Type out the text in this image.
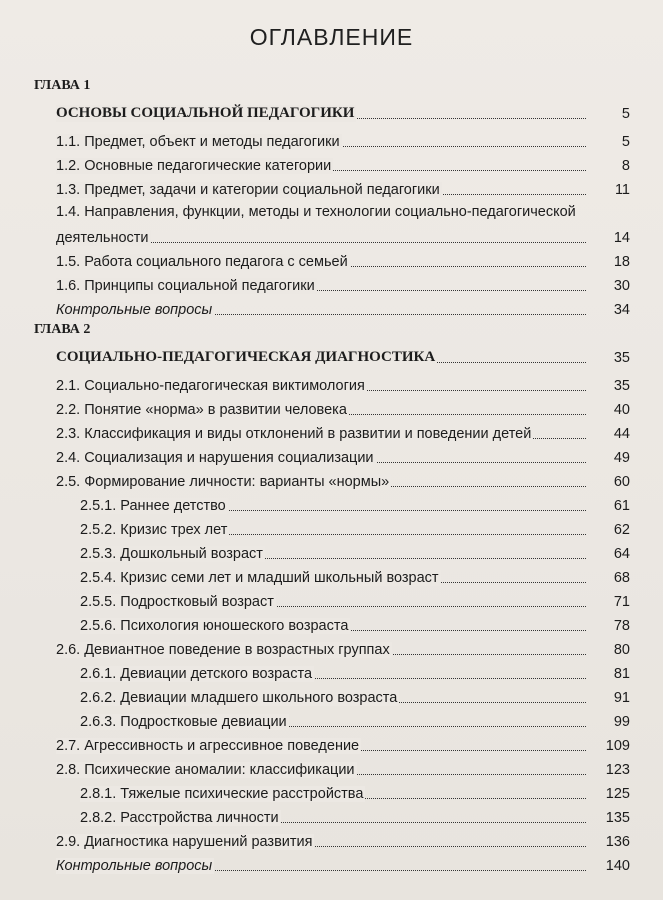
ОГЛАВЛЕНИЕ
ГЛАВА 1
ОСНОВЫ СОЦИАЛЬНОЙ ПЕДАГОГИКИ	5
1.1. Предмет, объект и методы педагогики	5
1.2. Основные педагогические категории	8
1.3. Предмет, задачи и категории социальной педагогики	11
1.4. Направления, функции, методы и технологии социально-педагогической
деятельности	14
1.5. Работа социального педагога с семьей	18
1.6. Принципы социальной педагогики	30
Контрольные вопросы	34
ГЛАВА 2
СОЦИАЛЬНО-ПЕДАГОГИЧЕСКАЯ ДИАГНОСТИКА	35
2.1. Социально-педагогическая виктимология	35
2.2. Понятие «норма» в развитии человека	40
2.3. Классификация и виды отклонений в развитии и поведении детей	44
2.4. Социализация и нарушения социализации	49
2.5. Формирование личности: варианты «нормы»	60
2.5.1. Раннее детство	61
2.5.2. Кризис трех лет	62
2.5.3. Дошкольный возраст	64
2.5.4. Кризис семи лет и младший школьный возраст	68
2.5.5. Подростковый возраст	71
2.5.6. Психология юношеского возраста	78
2.6. Девиантное поведение в возрастных группах	80
2.6.1. Девиации детского возраста	81
2.6.2. Девиации младшего школьного возраста	91
2.6.3. Подростковые девиации	99
2.7. Агрессивность и агрессивное поведение	109
2.8. Психические аномалии: классификации	123
2.8.1. Тяжелые психические расстройства	125
2.8.2. Расстройства личности	135
2.9. Диагностика нарушений развития	136
Контрольные вопросы	140
